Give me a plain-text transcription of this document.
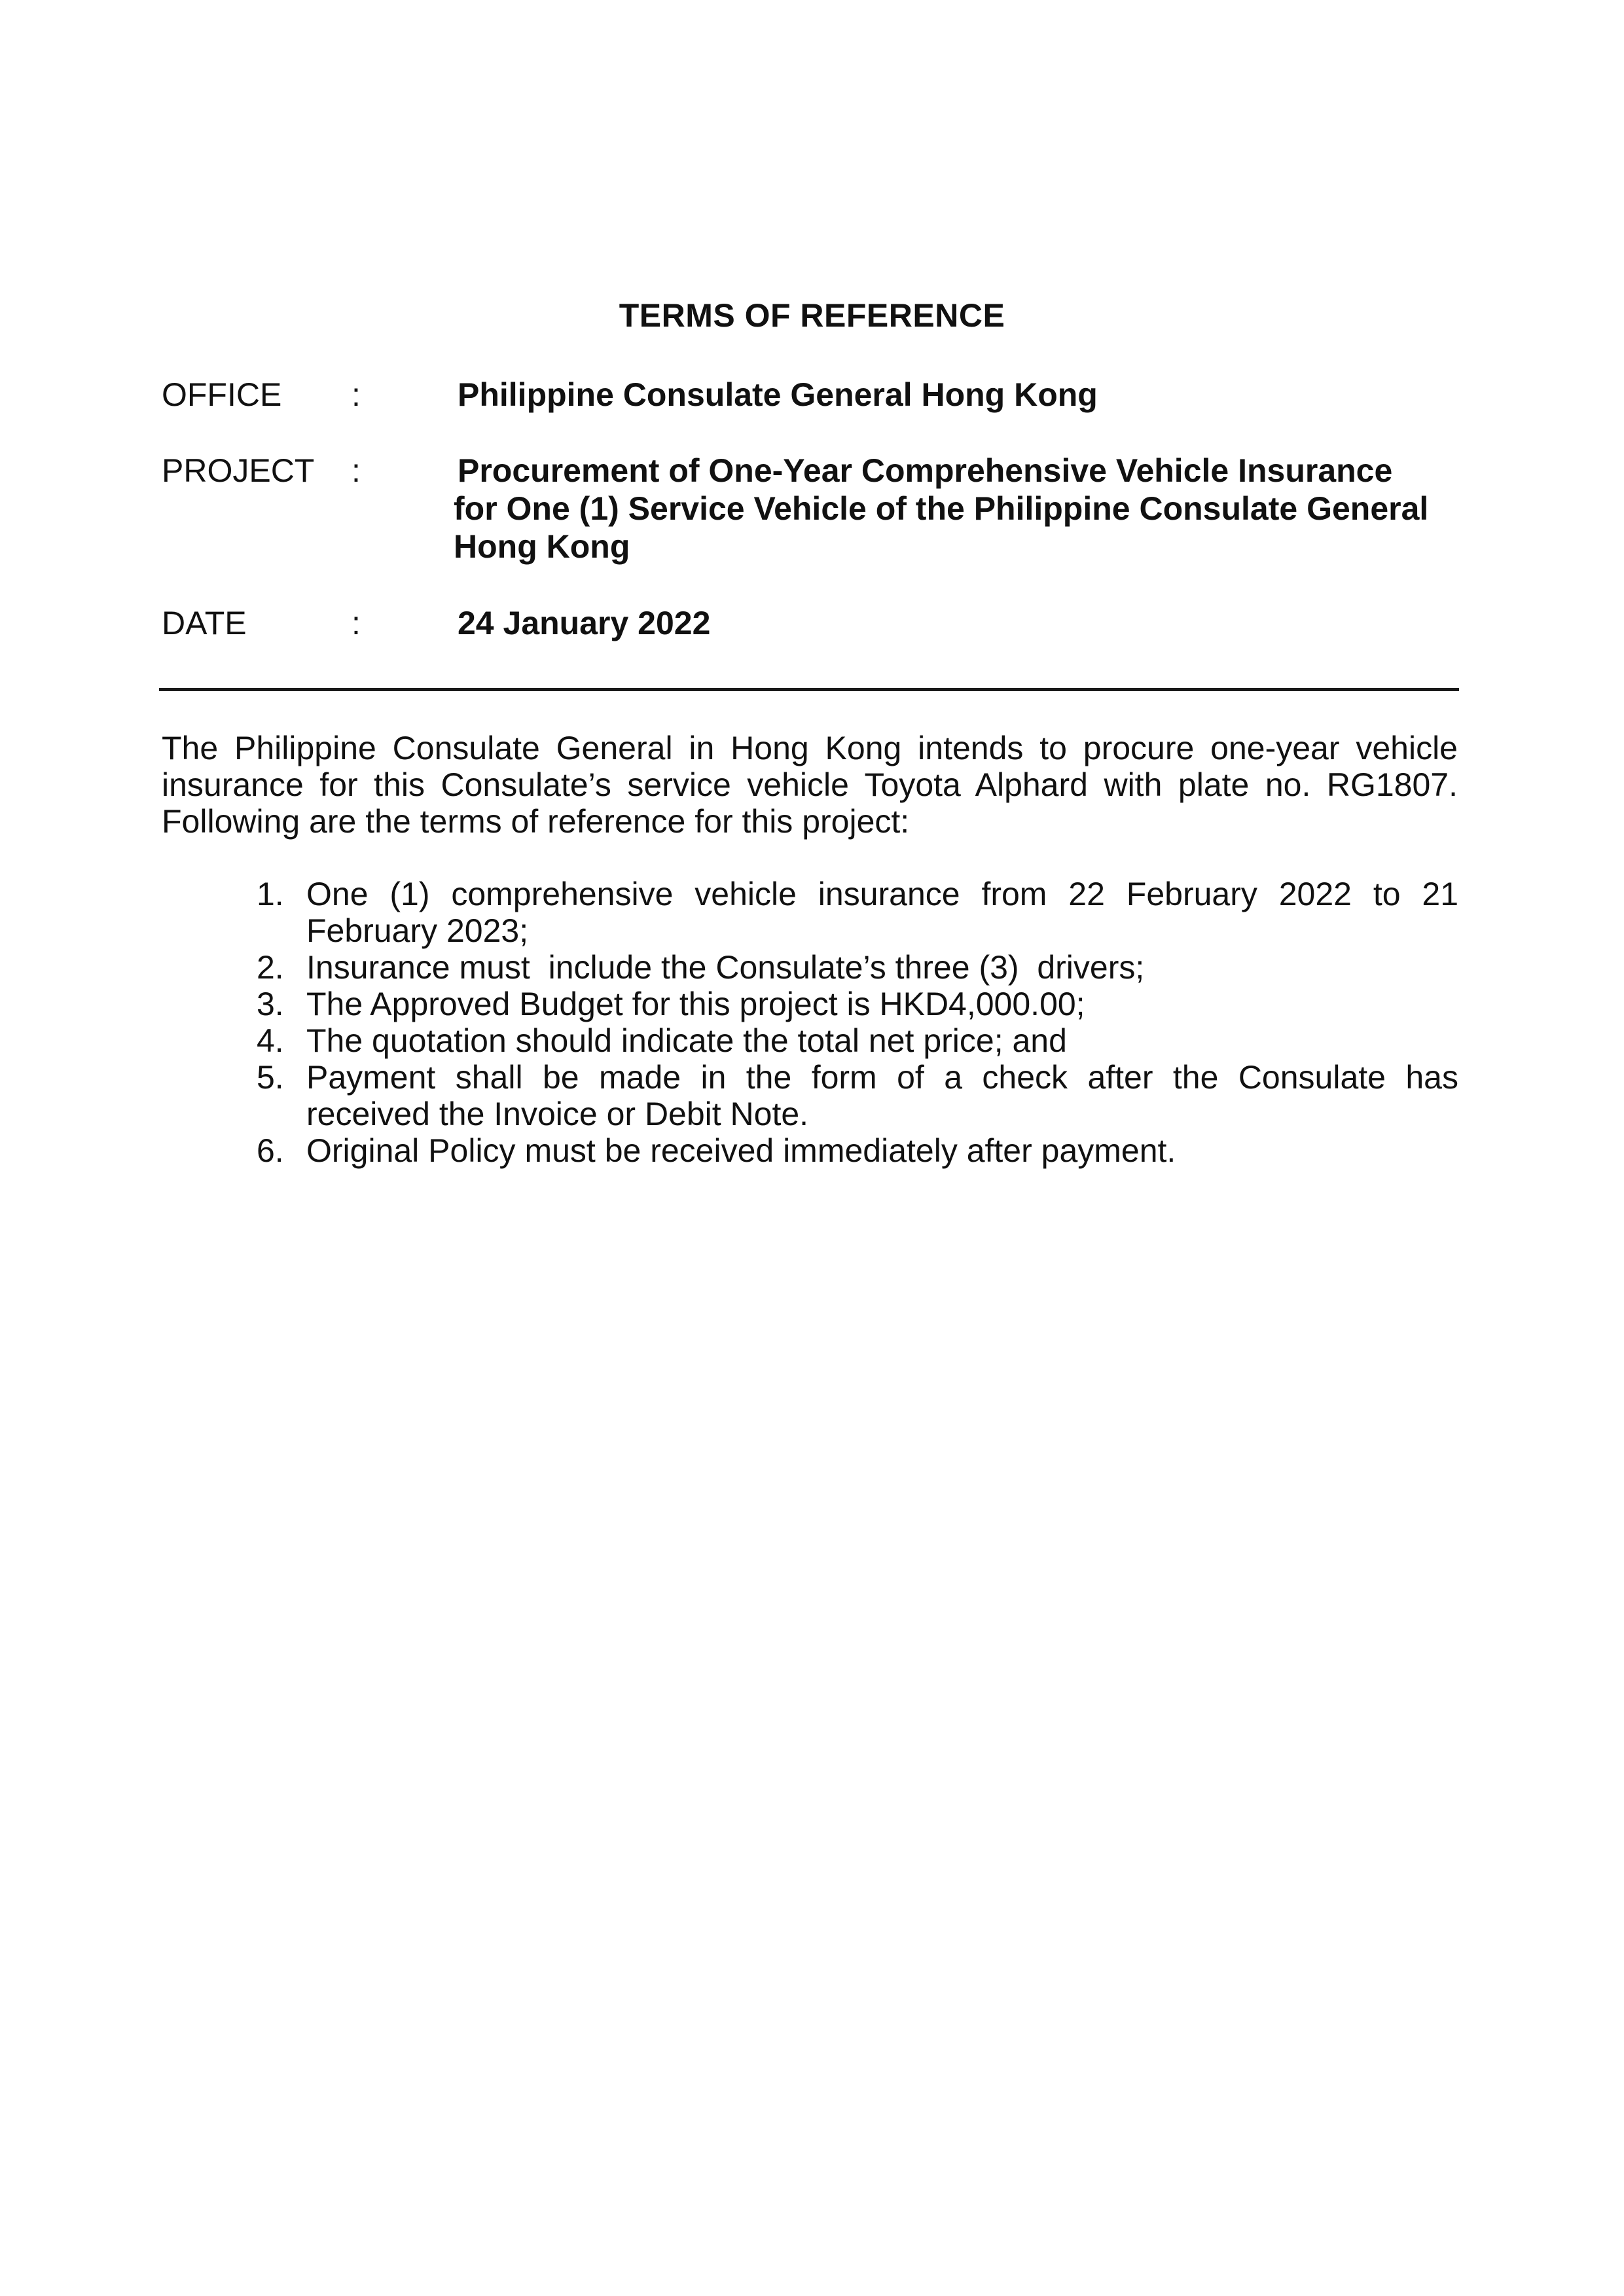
TERMS OF REFERENCE
OFFICE :	Philippine Consulate General Hong Kong
PROJECT :	Procurement of One-Year Comprehensive Vehicle Insurance
for One (1) Service Vehicle of the Philippine Consulate General
Hong Kong
DATE	:	24 January 2022
The Philippine Consulate General in Hong Kong intends to procure one-year vehicle
insurance for this Consulate’s service vehicle Toyota Alphard with plate no. RG1807.
Following are the terms of reference for this project:
1. One (1) comprehensive vehicle insurance from 22 February 2022 to 21
February 2023;
2. Insurance must  include the Consulate’s three (3)  drivers;
3. The Approved Budget for this project is HKD4,000.00;
4. The quotation should indicate the total net price; and
5. Payment shall be made in the form of a check after the Consulate has
received the Invoice or Debit Note.
6. Original Policy must be received immediately after payment.
